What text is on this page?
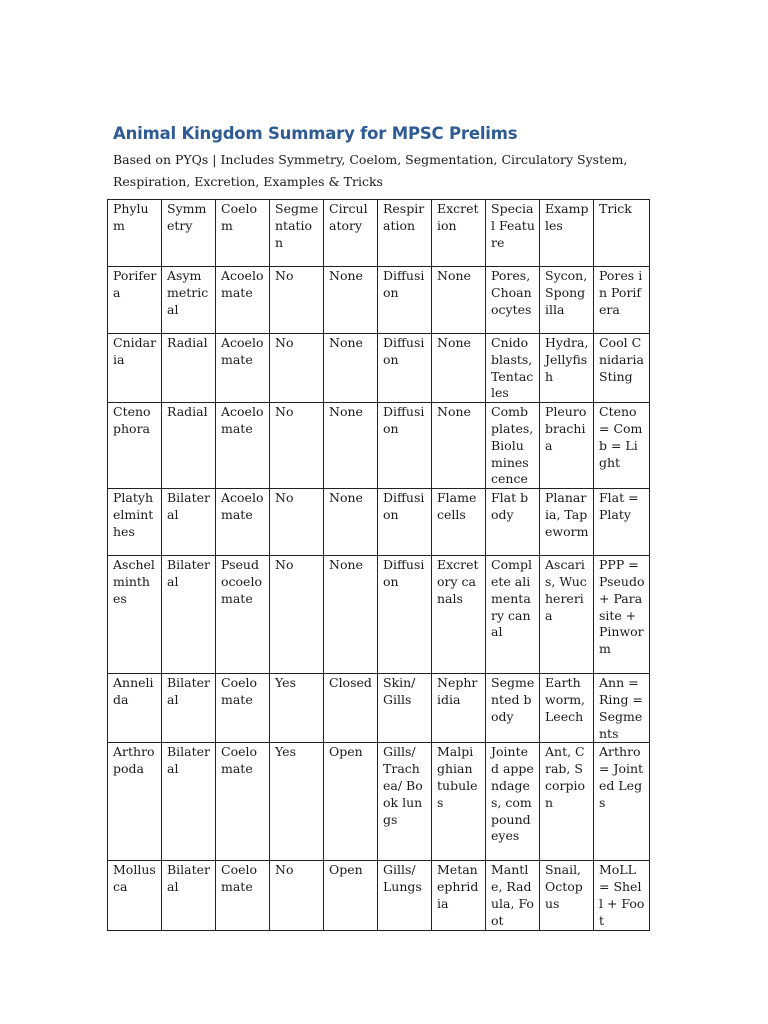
Animal Kingdom Summary for MPSC Prelims

Based on PYQs | Includes Symmetry, Coelom, Segmentation, Circulatory System, Respiration, Excretion, Examples & Tricks

Phylum	Symmetry	Coelom	Segmentation	Circulatory	Respiration	Excretion	Special Feature	Examples	Trick

Porifera	Asymmetrical	Acoelomate	No	None	Diffusion	None	Pores, Choanocytes	Sycon, Spongilla	Pores in Porifera

Cnidaria	Radial	Acoelomate	No	None	Diffusion	None	Cnidoblasts, Tentacles	Hydra, Jellyfish	Cool Cnidaria Sting

Ctenophora	Radial	Acoelomate	No	None	Diffusion	None	Comb plates, Bioluminescence	Pleurobrachia	Cteno = Comb = Light

Platyhelminthes	Bilateral	Acoelomate	No	None	Diffusion	Flame cells	Flat body	Planaria, Tapeworm	Flat = Platy

Aschelminthes	Bilateral	Pseudocoelomate	No	None	Diffusion	Excretory canals	Complete alimentary canal	Ascaris, Wuchereria	PPP = Pseudo + Parasite + Pinworm

Annelida	Bilateral	Coelomate	Yes	Closed	Skin/ Gills	Nephridia	Segmented body	Earthworm, Leech	Ann = Ring = Segments

Arthropoda	Bilateral	Coelomate	Yes	Open	Gills/ Trachea/ Book lungs	Malpighian tubules	Jointed appendages, compound eyes	Ant, Crab, Scorpion	Arthro = Jointed Legs

Mollusca	Bilateral	Coelomate	No	Open	Gills/ Lungs	Metanephridia	Mantle, Radula, Foot	Snail, Octopus	MoLL = Shell + Foot
